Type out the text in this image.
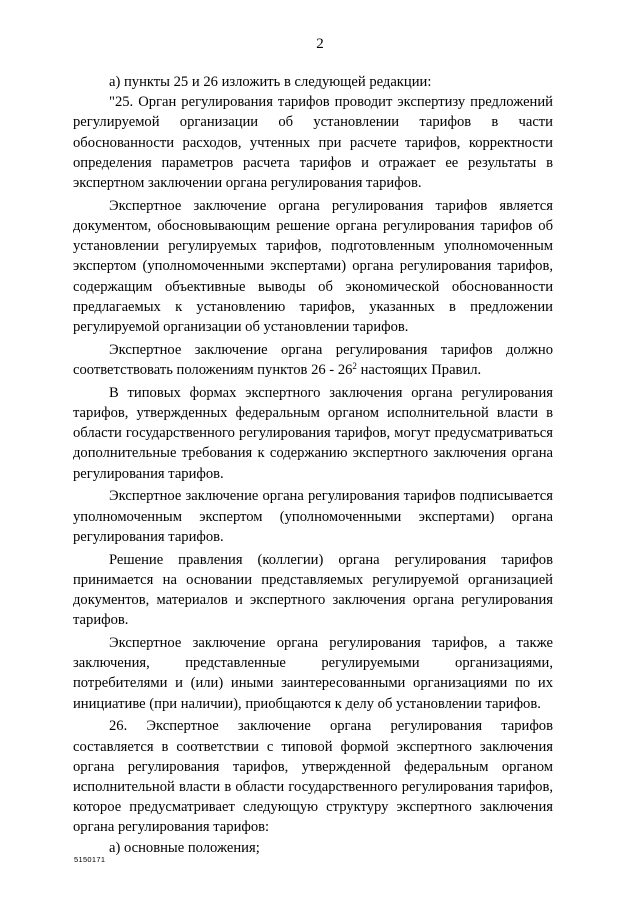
2

а) пункты 25 и 26 изложить в следующей редакции:

"25. Орган регулирования тарифов проводит экспертизу предложений регулируемой организации об установлении тарифов в части обоснованности расходов, учтенных при расчете тарифов, корректности определения параметров расчета тарифов и отражает ее результаты в экспертном заключении органа регулирования тарифов.

Экспертное заключение органа регулирования тарифов является документом, обосновывающим решение органа регулирования тарифов об установлении регулируемых тарифов, подготовленным уполномоченным экспертом (уполномоченными экспертами) органа регулирования тарифов, содержащим объективные выводы об экономической обоснованности предлагаемых к установлению тарифов, указанных в предложении регулируемой организации об установлении тарифов.

Экспертное заключение органа регулирования тарифов должно соответствовать положениям пунктов $26 - 26^2$ настоящих Правил.

В типовых формах экспертного заключения органа регулирования тарифов, утвержденных федеральным органом исполнительной власти в области государственного регулирования тарифов, могут предусматриваться дополнительные требования к содержанию экспертного заключения органа регулирования тарифов.

Экспертное заключение органа регулирования тарифов подписывается уполномоченным экспертом (уполномоченными экспертами) органа регулирования тарифов.

Решение правления (коллегии) органа регулирования тарифов принимается на основании представляемых регулируемой организацией документов, материалов и экспертного заключения органа регулирования тарифов.

Экспертное заключение органа регулирования тарифов, а также заключения, представленные регулируемыми организациями, потребителями и (или) иными заинтересованными организациями по их инициативе (при наличии), приобщаются к делу об установлении тарифов.

26. Экспертное заключение органа регулирования тарифов составляется в соответствии с типовой формой экспертного заключения органа регулирования тарифов, утвержденной федеральным органом исполнительной власти в области государственного регулирования тарифов, которое предусматривает следующую структуру экспертного заключения органа регулирования тарифов:

а) основные положения;

5150171
